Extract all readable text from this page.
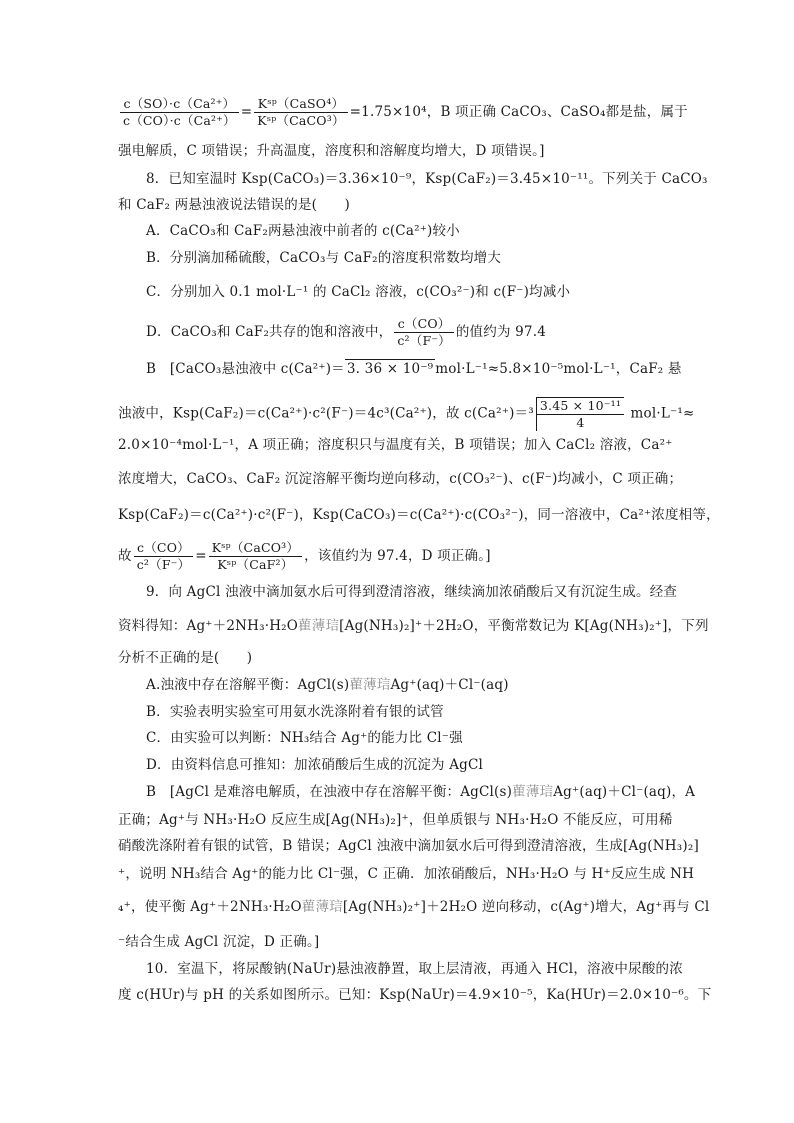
$\frac{\text{c（SO）·c（Ca²⁺）}}{\text{c（CO）·c（Ca²⁺）}} = \frac{\text{Kˢᵖ（CaSO⁴）}}{\text{Kˢᵖ（CaCO³）}} =1.75\times 10^4$，B 项正确 CaCO₃、CaSO₄都是盐，属于
强电解质，C 项错误；升高温度，溶度积和溶解度均增大，D 项错误。]
8．已知室温时 Ksp(CaCO₃)＝3.36×10⁻⁹，Ksp(CaF₂)＝3.45×10⁻¹¹。下列关于 CaCO₃
和 CaF₂ 两悬浊液说法错误的是(　　)
A．CaCO₃和 CaF₂两悬浊液中前者的 c(Ca²⁺)较小
B．分别滴加稀硫酸，CaCO₃与 CaF₂的溶度积常数均增大
C．分别加入 0.1 mol·L⁻¹ 的 CaCl₂ 溶液，c(CO₃²⁻)和 c(F⁻)均减小
D．CaCO₃和 CaF₂共存的饱和溶液中， $\frac{c(CO)}{\text{c²（F⁻）}}$ 的值约为 97.4
B　[CaCO₃悬浊液中 c(Ca²⁺)＝ 3. 36 × 10⁻⁹ mol·L⁻¹≈5.8×10⁻⁵mol·L⁻¹，CaF₂ 悬
浊液中，Ksp(CaF₂)＝c(Ca²⁺)·c²(F⁻)＝4c³(Ca²⁺)，故 $c(Ca^{2+})=^3 \frac{\text{3.45 × 10⁻¹¹}}{4} mol\cdot L^{-1}\approx$
2.0×10⁻⁴mol·L⁻¹，A 项正确；溶度积只与温度有关，B 项错误；加入 CaCl₂ 溶液，Ca²⁺
浓度增大，CaCO₃、CaF₂ 沉淀溶解平衡均逆向移动，c(CO₃²⁻)、c(F⁻)均减小，C 项正确；
Ksp(CaF₂)＝c(Ca²⁺)·c²(F⁻)，Ksp(CaCO₃)＝c(Ca²⁺)·c(CO₃²⁻)，同一溶液中，Ca²⁺浓度相等，
故 $\frac{c(CO)}{\text{c²（F⁻）}} = \frac{\text{Kˢᵖ（CaCO³）}}{\text{Kˢᵖ（CaF²）}}$ ，该值约为 97.4，D 项正确。]
9．向 AgCl 浊液中滴加氨水后可得到澄清溶液，继续滴加浓硝酸后又有沉淀生成。经查
资料得知：Ag⁺＋2NH₃·H₂O雚薄琂[Ag(NH₃)₂]⁺＋2H₂O，平衡常数记为 K[Ag(NH₃)₂⁺]，下列
分析不正确的是(　　)
A.浊液中存在溶解平衡：AgCl(s)雚薄琂Ag⁺(aq)＋Cl⁻(aq)
B．实验表明实验室可用氨水洗涤附着有银的试管
C．由实验可以判断：NH₃结合 Ag⁺的能力比 Cl⁻强
D．由资料信息可推知：加浓硝酸后生成的沉淀为 AgCl
B　[AgCl 是难溶电解质，在浊液中存在溶解平衡：AgCl(s)雚薄琂Ag⁺(aq)＋Cl⁻(aq)，A
正确；Ag⁺与 NH₃·H₂O 反应生成[Ag(NH₃)₂]⁺，但单质银与 NH₃·H₂O 不能反应，可用稀
硝酸洗涤附着有银的试管，B 错误；AgCl 浊液中滴加氨水后可得到澄清溶液，生成[Ag(NH₃)₂]
⁺，说明 NH₃结合 Ag⁺的能力比 Cl⁻强，C 正确．加浓硝酸后，NH₃·H₂O 与 H⁺反应生成 NH
₄⁺，使平衡 Ag⁺＋2NH₃·H₂O雚薄琂[Ag(NH₃)₂⁺]＋2H₂O 逆向移动，c(Ag⁺)增大，Ag⁺再与 Cl
⁻结合生成 AgCl 沉淀，D 正确。]
10．室温下，将尿酸钠(NaUr)悬浊液静置，取上层清液，再通入 HCl，溶液中尿酸的浓
度 c(HUr)与 pH 的关系如图所示。已知：Ksp(NaUr)＝4.9×10⁻⁵，Ka(HUr)＝2.0×10⁻⁶。下
